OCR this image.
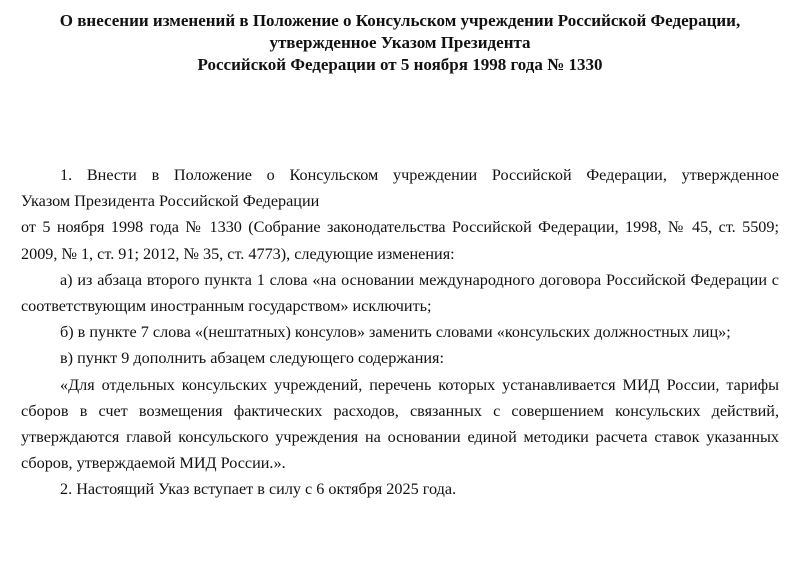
О внесении изменений в Положение о Консульском учреждении Российской Федерации,
утвержденное Указом Президента
Российской Федерации от 5 ноября 1998 года № 1330

1. Внести в Положение о Консульском учреждении Российской Федерации, утвержденное

Указом Президента Российской Федерации

от 5 ноября 1998 года № 1330 (Собрание законодательства Российской Федерации, 1998, № 45, ст. 5509; 2009, № 1, ст. 91; 2012, № 35, ст. 4773), следующие изменения:

а) из абзаца второго пункта 1 слова «на основании международного договора Российской Федерации с соответствующим иностранным государством» исключить;

б) в пункте 7 слова «(нештатных) консулов» заменить словами «консульских должностных лиц»;

в) пункт 9 дополнить абзацем следующего содержания:

«Для отдельных консульских учреждений, перечень которых устанавливается МИД России, тарифы сборов в счет возмещения фактических расходов, связанных с совершением консульских действий, утверждаются главой консульского учреждения на основании единой методики расчета ставок указанных сборов, утверждаемой МИД России.».

2. Настоящий Указ вступает в силу с 6 октября 2025 года.
